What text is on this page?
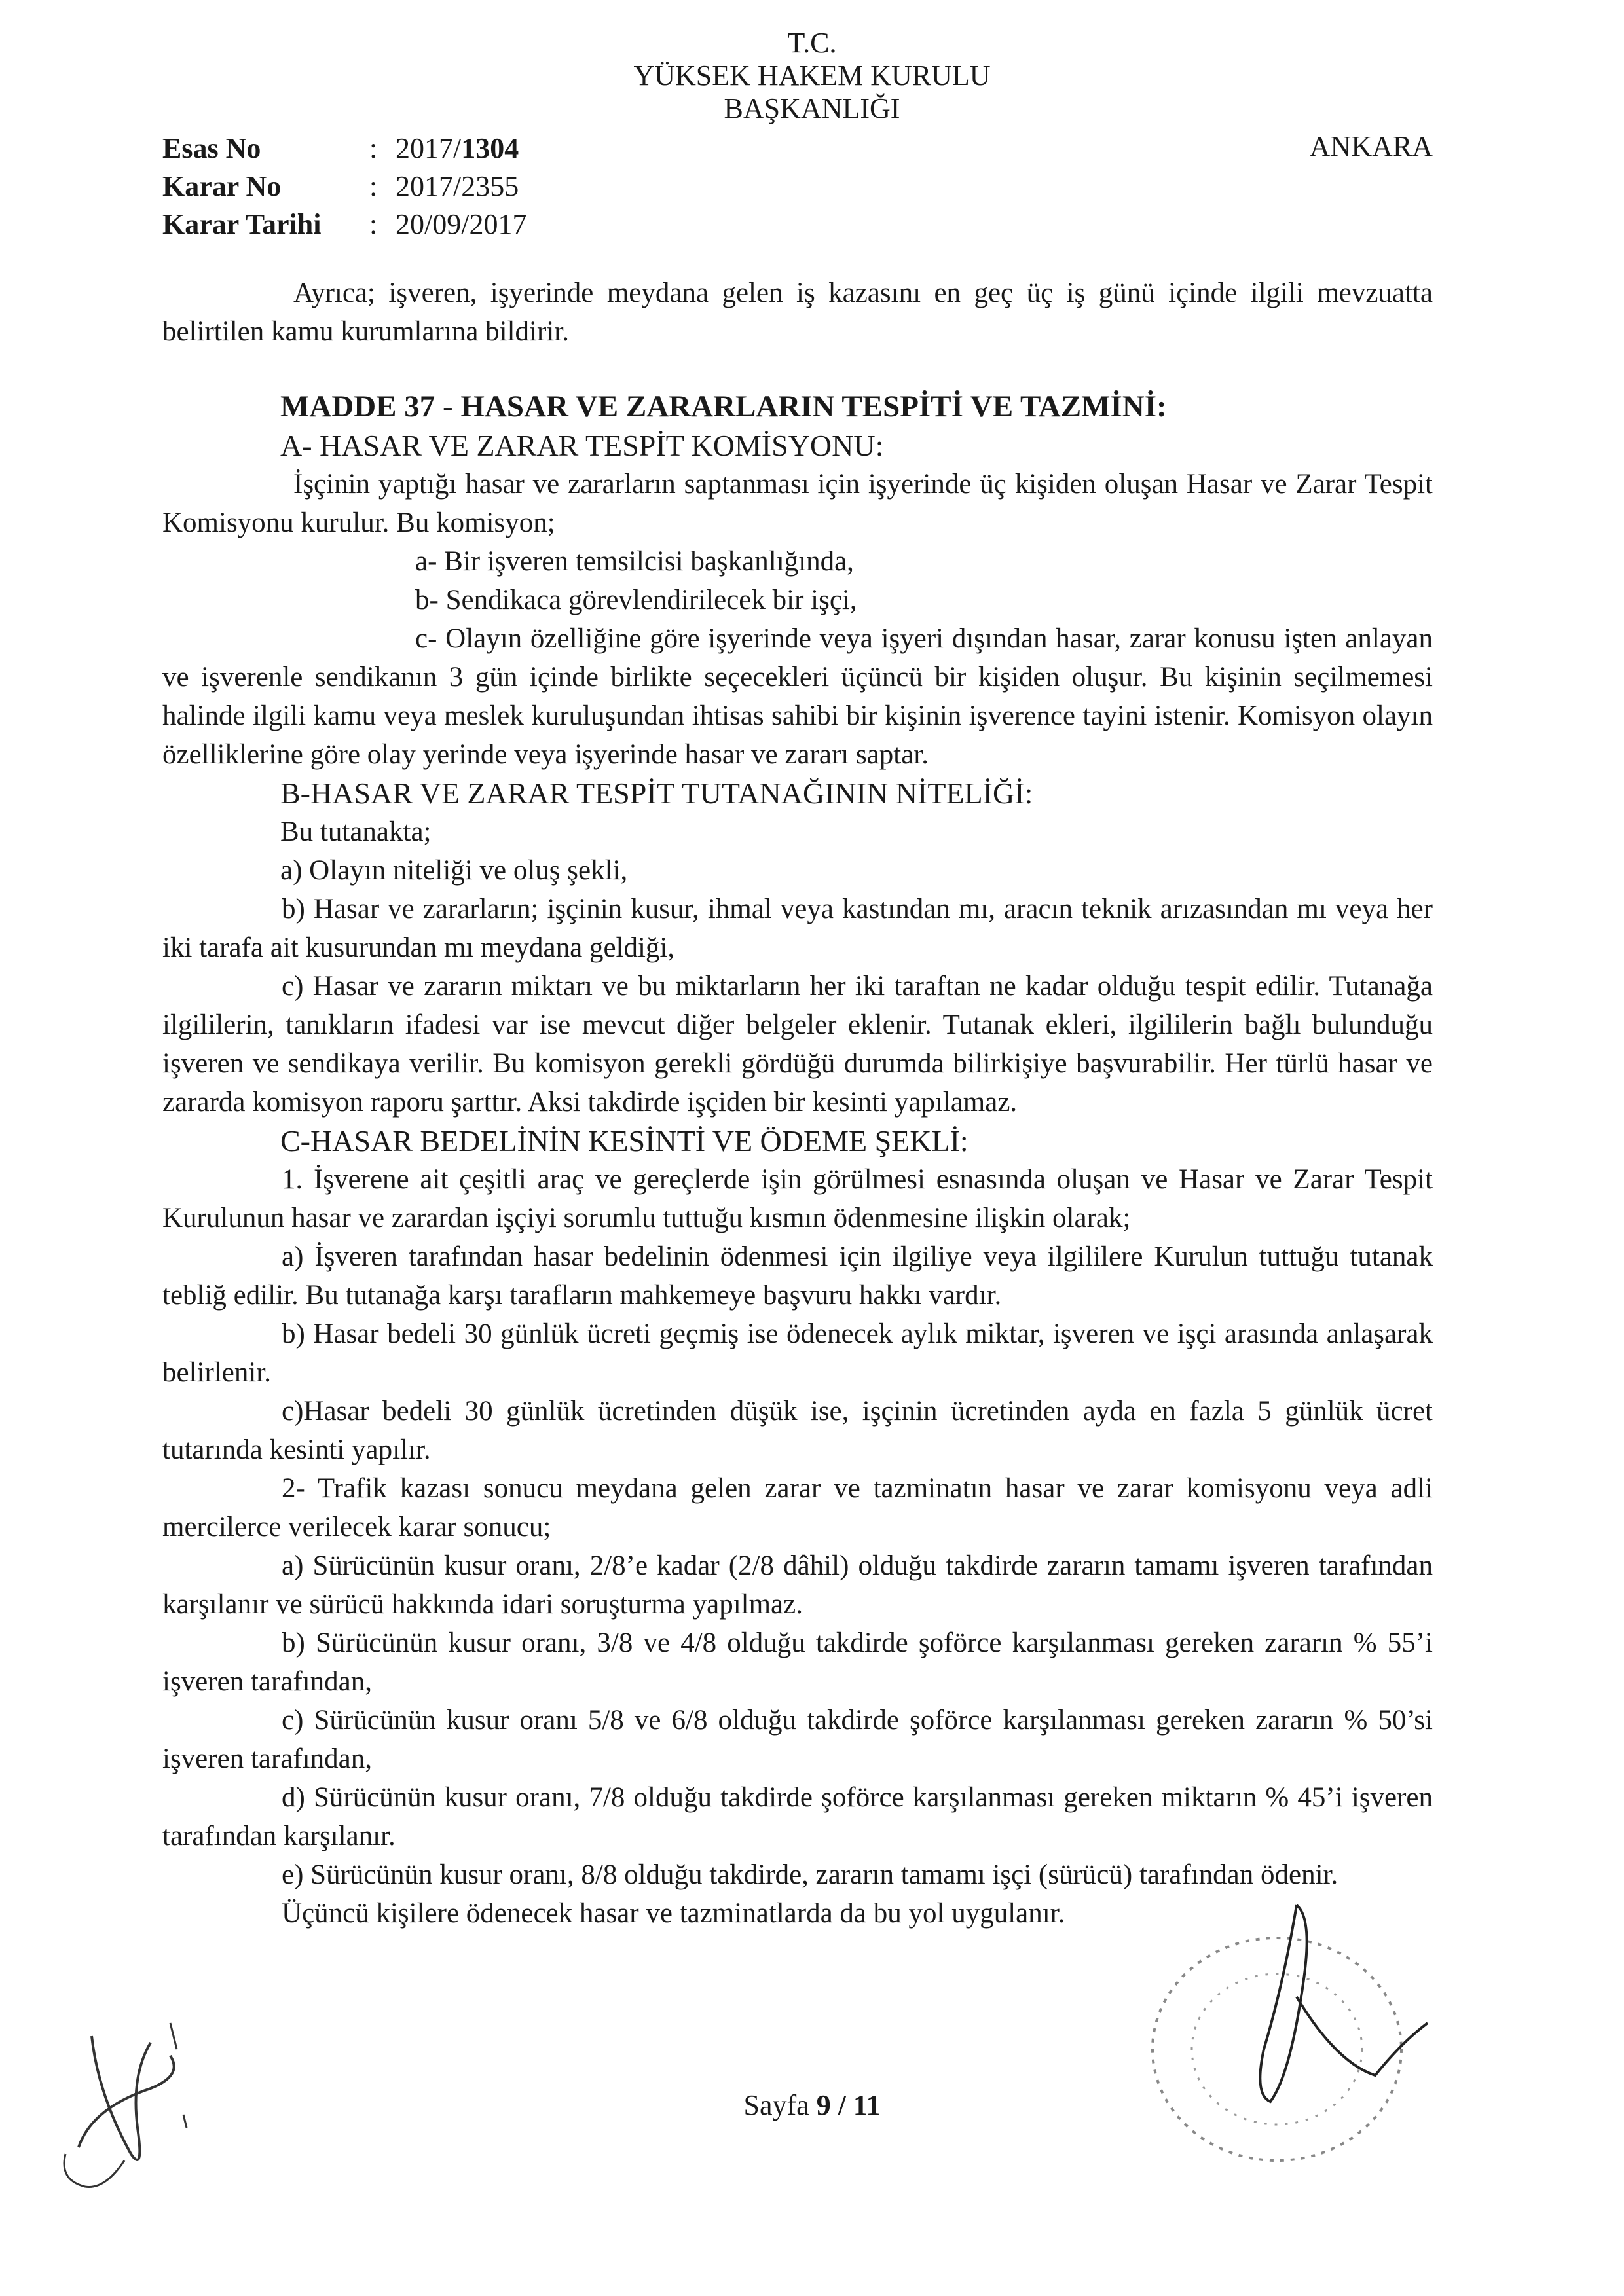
T.C.
YÜKSEK HAKEM KURULU
BAŞKANLIĞI
ANKARA
Esas No	: 2017/1304
Karar No	: 2017/2355
Karar Tarihi	: 20/09/2017

Ayrıca; işveren, işyerinde meydana gelen iş kazasını en geç üç iş günü içinde ilgili mevzuatta belirtilen kamu kurumlarına bildirir.

MADDE 37 - HASAR VE ZARARLARIN TESPİTİ VE TAZMİNİ:

A- HASAR VE ZARAR TESPİT KOMİSYONU:

İşçinin yaptığı hasar ve zararların saptanması için işyerinde üç kişiden oluşan Hasar ve Zarar Tespit Komisyonu kurulur. Bu komisyon;

a- Bir işveren temsilcisi başkanlığında,

b- Sendikaca görevlendirilecek bir işçi,

c- Olayın özelliğine göre işyerinde veya işyeri dışından hasar, zarar konusu işten anlayan ve işverenle sendikanın 3 gün içinde birlikte seçecekleri üçüncü bir kişiden oluşur. Bu kişinin seçilmemesi halinde ilgili kamu veya meslek kuruluşundan ihtisas sahibi bir kişinin işverence tayini istenir. Komisyon olayın özelliklerine göre olay yerinde veya işyerinde hasar ve zararı saptar.

B-HASAR VE ZARAR TESPİT TUTANAĞININ NİTELİĞİ:

Bu tutanakta;

a) Olayın niteliği ve oluş şekli,

b) Hasar ve zararların; işçinin kusur, ihmal veya kastından mı, aracın teknik arızasından mı veya her iki tarafa ait kusurundan mı meydana geldiği,

c) Hasar ve zararın miktarı ve bu miktarların her iki taraftan ne kadar olduğu tespit edilir. Tutanağa ilgililerin, tanıkların ifadesi var ise mevcut diğer belgeler eklenir. Tutanak ekleri, ilgililerin bağlı bulunduğu işveren ve sendikaya verilir. Bu komisyon gerekli gördüğü durumda bilirkişiye başvurabilir. Her türlü hasar ve zararda komisyon raporu şarttır. Aksi takdirde işçiden bir kesinti yapılamaz.

C-HASAR BEDELİNİN KESİNTİ VE ÖDEME ŞEKLİ:

1. İşverene ait çeşitli araç ve gereçlerde işin görülmesi esnasında oluşan ve Hasar ve Zarar Tespit Kurulunun hasar ve zarardan işçiyi sorumlu tuttuğu kısmın ödenmesine ilişkin olarak;

a) İşveren tarafından hasar bedelinin ödenmesi için ilgiliye veya ilgililere Kurulun tuttuğu tutanak tebliğ edilir. Bu tutanağa karşı tarafların mahkemeye başvuru hakkı vardır.

b) Hasar bedeli 30 günlük ücreti geçmiş ise ödenecek aylık miktar, işveren ve işçi arasında anlaşarak belirlenir.

c)Hasar bedeli 30 günlük ücretinden düşük ise, işçinin ücretinden ayda en fazla 5 günlük ücret tutarında kesinti yapılır.

2- Trafik kazası sonucu meydana gelen zarar ve tazminatın hasar ve zarar komisyonu veya adli mercilerce verilecek karar sonucu;

a) Sürücünün kusur oranı, 2/8’e kadar (2/8 dâhil) olduğu takdirde zararın tamamı işveren tarafından karşılanır ve sürücü hakkında idari soruşturma yapılmaz.

b) Sürücünün kusur oranı, 3/8 ve 4/8 olduğu takdirde şoförce karşılanması gereken zararın % 55’i işveren tarafından,

c) Sürücünün kusur oranı 5/8 ve 6/8 olduğu takdirde şoförce karşılanması gereken zararın % 50’si işveren tarafından,

d) Sürücünün kusur oranı, 7/8 olduğu takdirde şoförce karşılanması gereken miktarın % 45’i işveren tarafından karşılanır.

e) Sürücünün kusur oranı, 8/8 olduğu takdirde, zararın tamamı işçi (sürücü) tarafından ödenir.

Üçüncü kişilere ödenecek hasar ve tazminatlarda da bu yol uygulanır.

Sayfa 9 / 11
